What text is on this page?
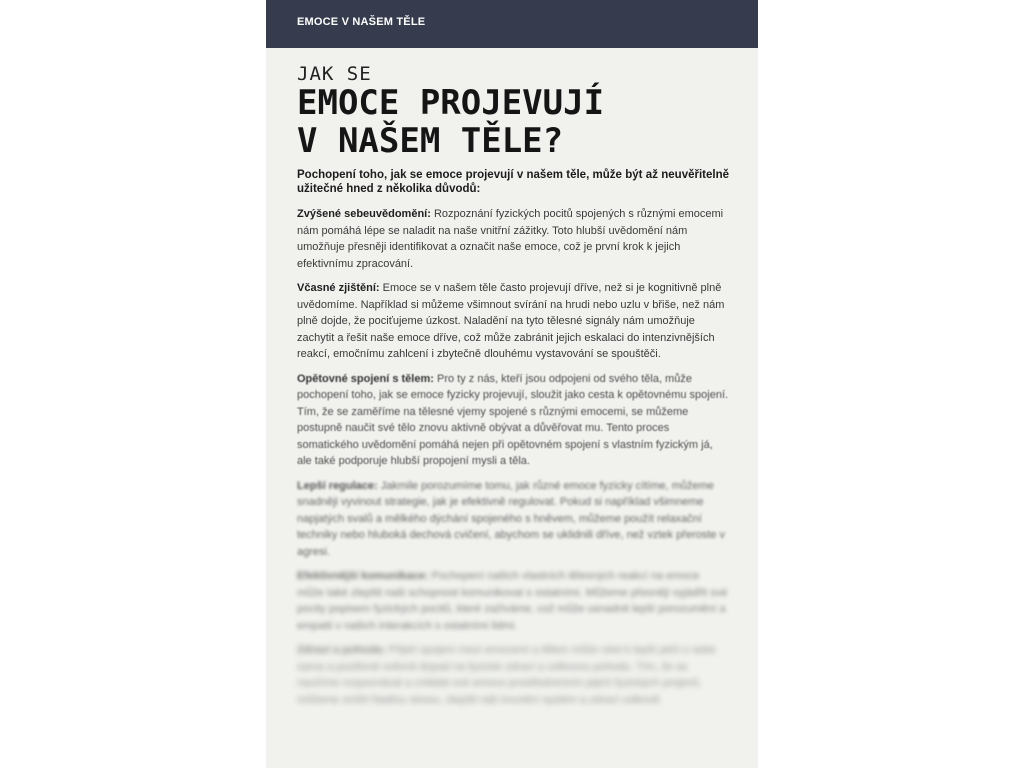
EMOCE V NAŠEM TĚLE

JAK SE

EMOCE PROJEVUJÍ
V NAŠEM TĚLE?

Pochopení toho, jak se emoce projevují v našem těle, může být až neuvěřitelně užitečné hned z několika důvodů:

Zvýšené sebeuvědomění: Rozpoznání fyzických pocitů spojených s různými emocemi nám pomáhá lépe se naladit na naše vnitřní zážitky. Toto hlubší uvědomění nám umožňuje přesněji identifikovat a označit naše emoce, což je první krok k jejich efektivnímu zpracování.

Včasné zjištění: Emoce se v našem těle často projevují dříve, než si je kognitivně plně uvědomíme. Například si můžeme všimnout svírání na hrudi nebo uzlu v břiše, než nám plně dojde, že pociťujeme úzkost. Naladění na tyto tělesné signály nám umožňuje zachytit a řešit naše emoce dříve, což může zabránit jejich eskalaci do intenzivnějších reakcí, emočnímu zahlcení i zbytečně dlouhému vystavování se spouštěči.

Opětovné spojení s tělem: Pro ty z nás, kteří jsou odpojeni od svého těla, může pochopení toho, jak se emoce fyzicky projevují, sloužit jako cesta k opětovnému spojení. Tím, že se zaměříme na tělesné vjemy spojené s různými emocemi, se můžeme postupně naučit své tělo znovu aktivně obývat a důvěřovat mu. Tento proces somatického uvědomění pomáhá nejen při opětovném spojení s vlastním fyzickým já, ale také podporuje hlubší propojení mysli a těla.

Lepší regulace: Jakmile porozumíme tomu, jak různé emoce fyzicky cítíme, můžeme snadněji vyvinout strategie, jak je efektivně regulovat. Pokud si například všimneme napjatých svalů a mělkého dýchání spojeného s hněvem, můžeme použít relaxační techniky nebo hluboká dechová cvičení, abychom se uklidnili dříve, než vztek přeroste v agresi.

Efektivnější komunikace: Pochopení našich vlastních tělesných reakcí na emoce může také zlepšit naši schopnost komunikovat s ostatními. Můžeme přesněji vyjádřit své pocity popisem fyzických pocitů, které zažíváme, což může usnadnit lepší porozumění a empatii v našich interakcích s ostatními lidmi.

Zdraví a pohoda: Přijetí spojení mezi emocemi a tělem může vést k lepší péči o sebe sama a pozitivně ovlivnit dopad na fyzické zdraví a celkovou pohodu. Tím, že se naučíme rozpoznávat a zvládat své emoce prostřednictvím jejich fyzických projevů, můžeme snížit hladinu stresu, zlepšit náš imunitní systém a zdraví celkově.
